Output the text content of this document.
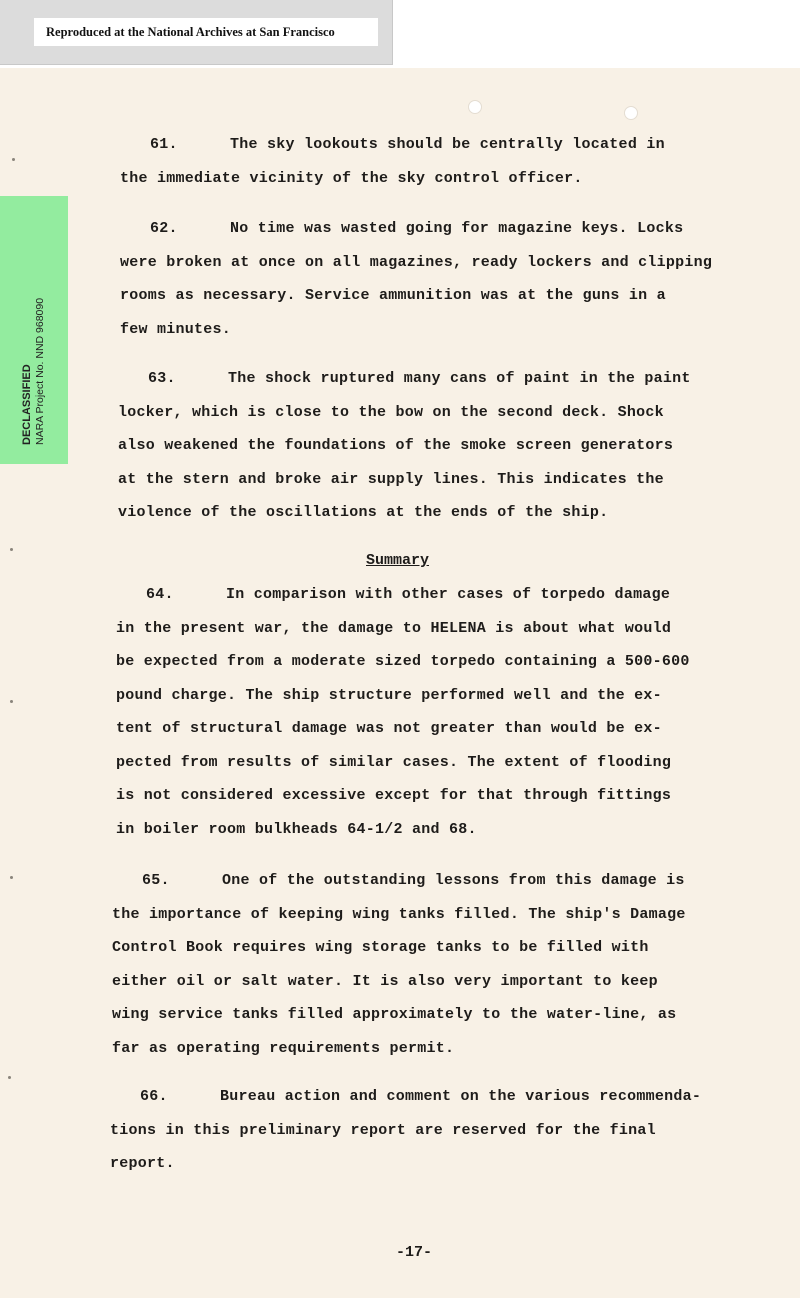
Reproduced at the National Archives at San Francisco
DECLASSIFIED NARA Project No. NND 968090
61.	The sky lookouts should be centrally located in
the immediate vicinity of the sky control officer.
62.	No time was wasted going for magazine keys. Locks
were broken at once on all magazines, ready lockers and clipping
rooms as necessary. Service ammunition was at the guns in a
few minutes.
63.	The shock ruptured many cans of paint in the paint
locker, which is close to the bow on the second deck. Shock
also weakened the foundations of the smoke screen generators
at the stern and broke air supply lines. This indicates the
violence of the oscillations at the ends of the ship.
Summary
64.	In comparison with other cases of torpedo damage
in the present war, the damage to HELENA is about what would
be expected from a moderate sized torpedo containing a 500-600
pound charge. The ship structure performed well and the ex-
tent of structural damage was not greater than would be ex-
pected from results of similar cases. The extent of flooding
is not considered excessive except for that through fittings
in boiler room bulkheads 64-1/2 and 68.
65.	One of the outstanding lessons from this damage is
the importance of keeping wing tanks filled. The ship's Damage
Control Book requires wing storage tanks to be filled with
either oil or salt water. It is also very important to keep
wing service tanks filled approximately to the water-line, as
far as operating requirements permit.
66.	Bureau action and comment on the various recommenda-
tions in this preliminary report are reserved for the final
report.
-17-
